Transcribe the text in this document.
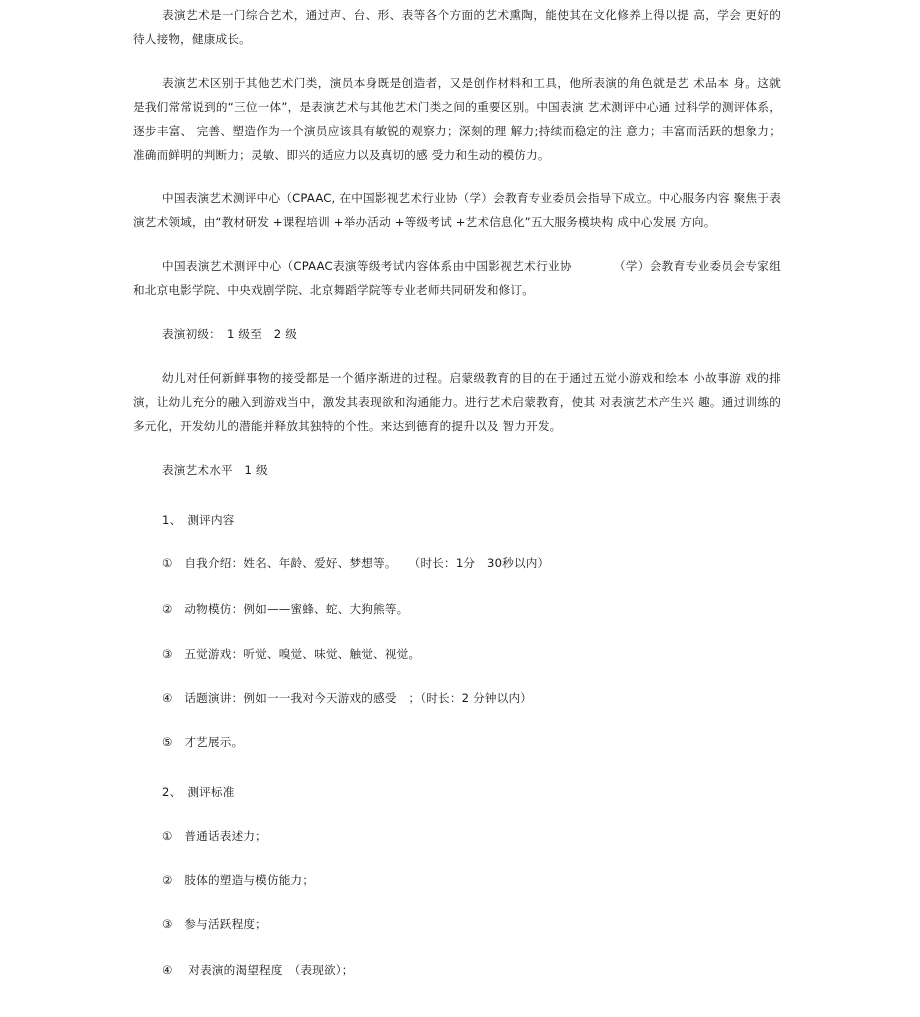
表演艺术是一门综合艺术，通过声、台、形、表等各个方面的艺术熏陶，能使其在文化修养上得以提 高，学会 更好的待人接物，健康成长。

表演艺术区别于其他艺术门类，演员本身既是创造者，又是创作材料和工具，他所表演的角色就是艺 术品本 身。这就是我们常常说到的“三位一体”，是表演艺术与其他艺术门类之间的重要区别。中国表演 艺术测评中心通 过科学的测评体系， 逐步丰富、 完善、塑造作为一个演员应该具有敏锐的观察力；深刻的理 解力;持续而稳定的注 意力；丰富而活跃的想象力；准确而鲜明的判断力；灵敏、即兴的适应力以及真切的感 受力和生动的模仿力。

中国表演艺术测评中心（CPAAC, 在中国影视艺术行业协（学）会教育专业委员会指导下成立。中心服务内容 聚焦于表演艺术领域，由“教材研发 +课程培训 +举办活动 +等级考试 +艺术信息化”五大服务模块构 成中心发展 方向。

中国表演艺术测评中心（CPAAC表演等级考试内容体系由中国影视艺术行业协　　　　（学）会教育专业委员会专家组和北京电影学院、中央戏剧学院、北京舞蹈学院等专业老师共同研发和修订。

表演初级：　1 级至　2 级

幼儿对任何新鲜事物的接受都是一个循序渐进的过程。启蒙级教育的目的在于通过五觉小游戏和绘本 小故事游 戏的排演，让幼儿充分的融入到游戏当中，激发其表现欲和沟通能力。进行艺术启蒙教育，使其 对表演艺术产生兴 趣。通过训练的多元化，开发幼儿的潜能并释放其独特的个性。来达到德育的提升以及 智力开发。

表演艺术水平　1 级

1、　测评内容

①　自我介绍：姓名、年龄、爱好、梦想等。　　（时长：1分　30秒以内）

②　动物模仿：例如——蜜蜂、蛇、大狗熊等。

③　五觉游戏：听觉、嗅觉、味觉、触觉、视觉。

④　话题演讲：例如一一我对今天游戏的感受　；（时长：2 分钟以内）

⑤　才艺展示。

2、　测评标准

①　普通话表述力；

②　肢体的塑造与模仿能力；

③　参与活跃程度；

④　 对表演的渴望程度　（表现欲）；
